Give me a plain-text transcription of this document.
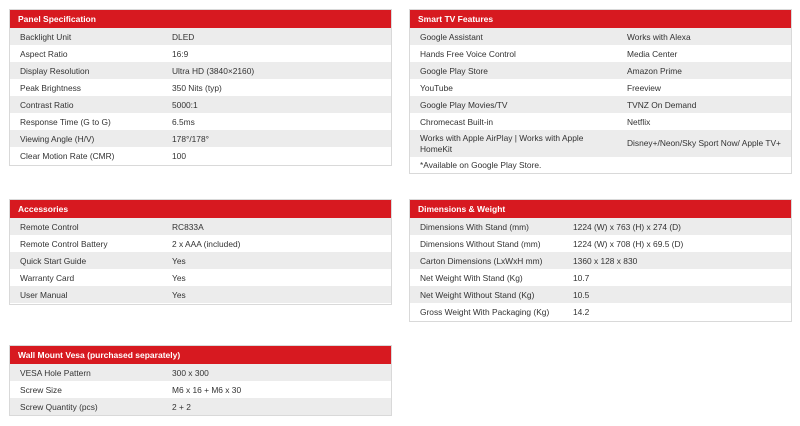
Panel Specification
Backlight Unit	DLED
Aspect Ratio	16:9
Display Resolution	Ultra HD (3840×2160)
Peak Brightness	350 Nits (typ)
Contrast Ratio	5000:1
Response Time (G to G)	6.5ms
Viewing Angle (H/V)	178°/178°
Clear Motion Rate (CMR)	100
Smart TV Features
Google Assistant	Works with Alexa
Hands Free Voice Control	Media Center
Google Play Store	Amazon Prime
YouTube	Freeview
Google Play Movies/TV	TVNZ On Demand
Chromecast Built-in	Netflix
Works with Apple AirPlay | Works with Apple HomeKit	Disney+/Neon/Sky Sport Now/ Apple TV+
*Available on Google Play Store.
Accessories
Remote Control	RC833A
Remote Control Battery	2 x AAA (included)
Quick Start Guide	Yes
Warranty Card	Yes
User Manual	Yes
Dimensions & Weight
Dimensions With Stand (mm)	1224 (W) x 763 (H) x 274 (D)
Dimensions Without Stand (mm)	1224 (W) x 708 (H) x 69.5 (D)
Carton Dimensions (LxWxH mm)	1360 x 128 x 830
Net Weight With Stand (Kg)	10.7
Net Weight Without Stand (Kg)	10.5
Gross Weight With Packaging (Kg)	14.2
Wall Mount Vesa (purchased separately)
VESA Hole Pattern	300 x 300
Screw Size	M6 x 16 + M6 x 30
Screw Quantity (pcs)	2 + 2
